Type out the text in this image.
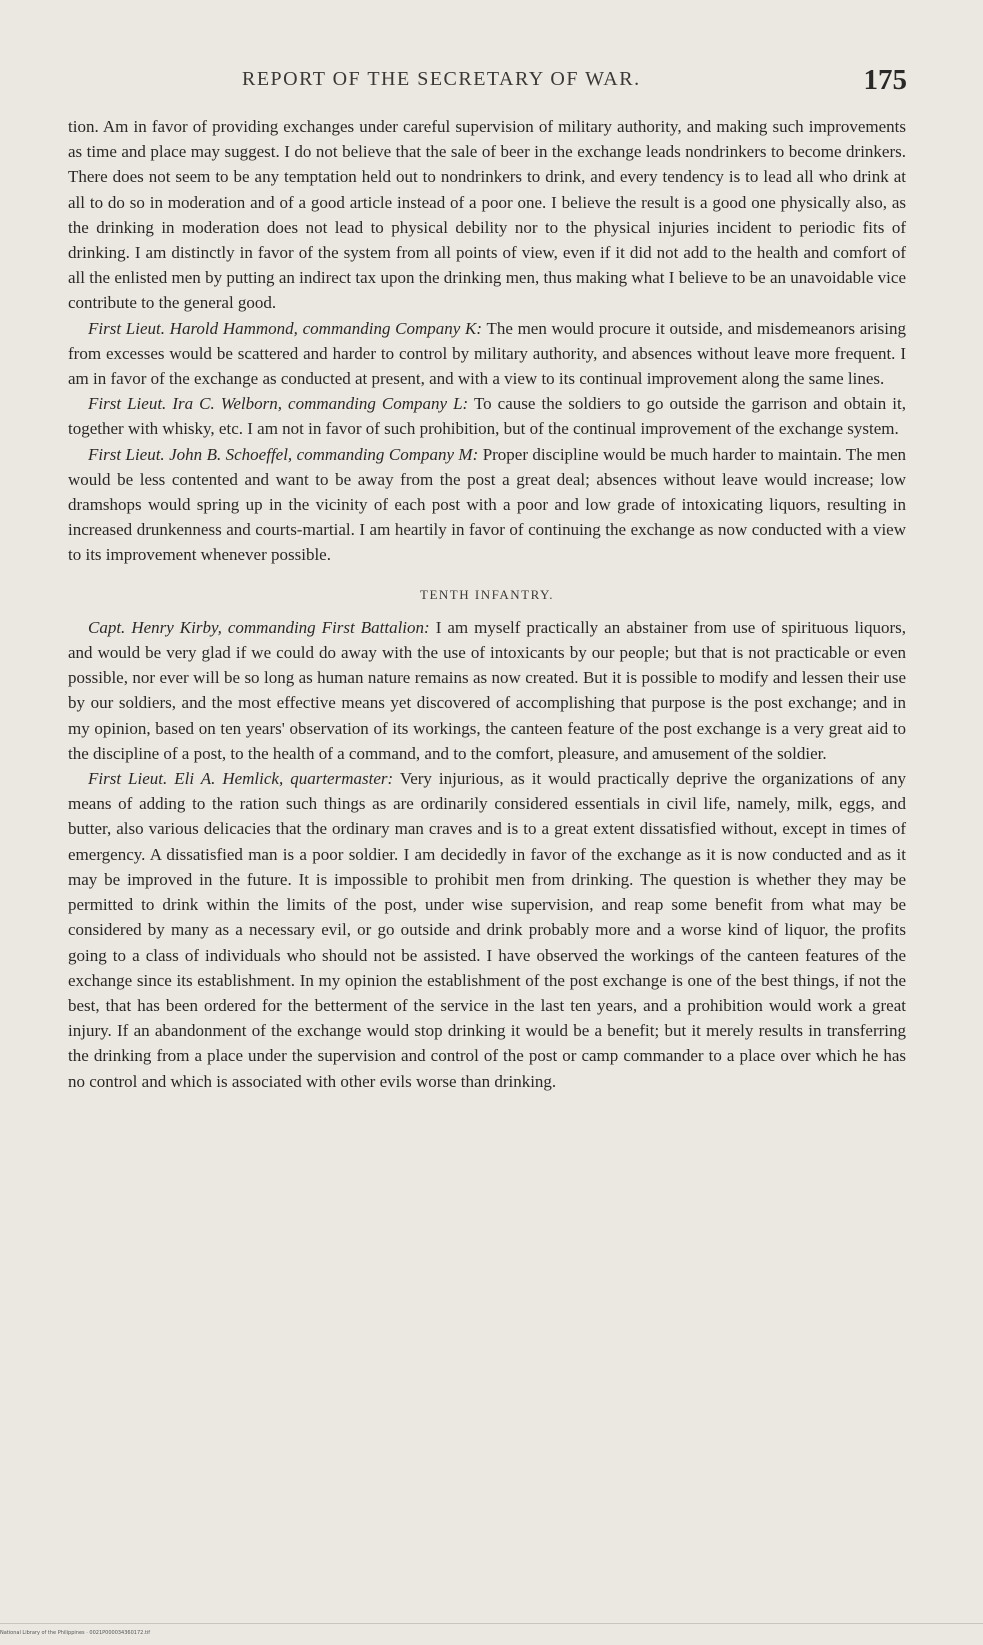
REPORT OF THE SECRETARY OF WAR.	175

tion. Am in favor of providing exchanges under careful supervision of military authority, and making such improvements as time and place may suggest. I do not believe that the sale of beer in the exchange leads nondrinkers to become drinkers. There does not seem to be any temptation held out to nondrinkers to drink, and every tendency is to lead all who drink at all to do so in moderation and of a good article instead of a poor one. I believe the result is a good one physically also, as the drinking in moderation does not lead to physical debility nor to the physical injuries incident to periodic fits of drinking. I am distinctly in favor of the system from all points of view, even if it did not add to the health and comfort of all the enlisted men by putting an indirect tax upon the drinking men, thus making what I believe to be an unavoidable vice contribute to the general good.

First Lieut. Harold Hammond, commanding Company K: The men would procure it outside, and misdemeanors arising from excesses would be scattered and harder to control by military authority, and absences without leave more frequent. I am in favor of the exchange as conducted at present, and with a view to its continual improvement along the same lines.

First Lieut. Ira C. Welborn, commanding Company L: To cause the soldiers to go outside the garrison and obtain it, together with whisky, etc. I am not in favor of such prohibition, but of the continual improvement of the exchange system.

First Lieut. John B. Schoeffel, commanding Company M: Proper discipline would be much harder to maintain. The men would be less contented and want to be away from the post a great deal; absences without leave would increase; low dramshops would spring up in the vicinity of each post with a poor and low grade of intoxicating liquors, resulting in increased drunkenness and courts-martial. I am heartily in favor of continuing the exchange as now conducted with a view to its improvement whenever possible.

TENTH INFANTRY.

Capt. Henry Kirby, commanding First Battalion: I am myself practically an abstainer from use of spirituous liquors, and would be very glad if we could do away with the use of intoxicants by our people; but that is not practicable or even possible, nor ever will be so long as human nature remains as now created. But it is possible to modify and lessen their use by our soldiers, and the most effective means yet discovered of accomplishing that purpose is the post exchange; and in my opinion, based on ten years' observation of its workings, the canteen feature of the post exchange is a very great aid to the discipline of a post, to the health of a command, and to the comfort, pleasure, and amusement of the soldier.

First Lieut. Eli A. Hemlick, quartermaster: Very injurious, as it would practically deprive the organizations of any means of adding to the ration such things as are ordinarily considered essentials in civil life, namely, milk, eggs, and butter, also various delicacies that the ordinary man craves and is to a great extent dissatisfied without, except in times of emergency. A dissatisfied man is a poor soldier. I am decidedly in favor of the exchange as it is now conducted and as it may be improved in the future. It is impossible to prohibit men from drinking. The question is whether they may be permitted to drink within the limits of the post, under wise supervision, and reap some benefit from what may be considered by many as a necessary evil, or go outside and drink probably more and a worse kind of liquor, the profits going to a class of individuals who should not be assisted. I have observed the workings of the canteen features of the exchange since its establishment. In my opinion the establishment of the post exchange is one of the best things, if not the best, that has been ordered for the betterment of the service in the last ten years, and a prohibition would work a great injury. If an abandonment of the exchange would stop drinking it would be a benefit; but it merely results in transferring the drinking from a place under the supervision and control of the post or camp commander to a place over which he has no control and which is associated with other evils worse than drinking.

National Library of the Philippines · 0021P000034360172.tif
